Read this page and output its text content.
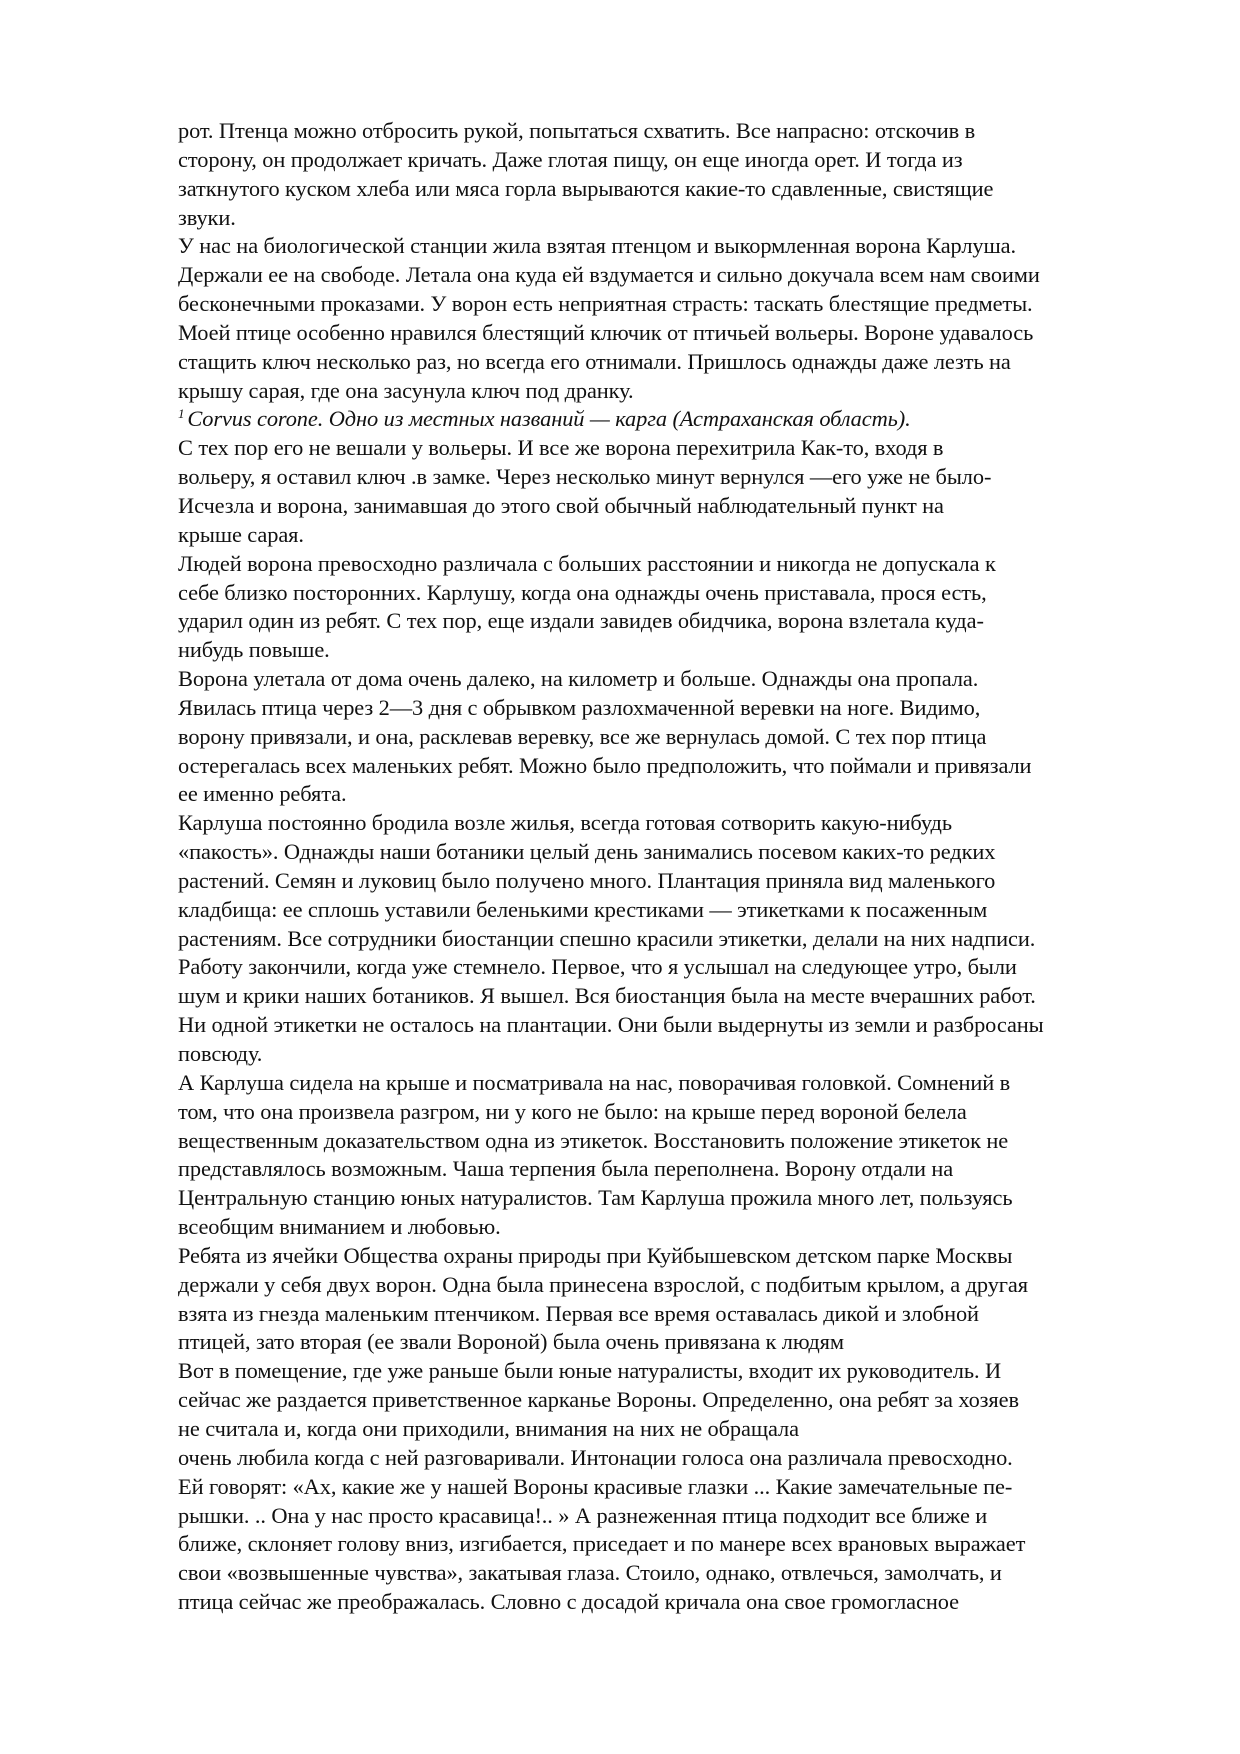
рот. Птенца можно отбросить рукой, попытаться схватить. Все напрасно: отскочив в
сторону, он продолжает кричать. Даже глотая пищу, он еще иногда орет. И тогда из
заткнутого куском хлеба или мяса горла вырываются какие-то сдавленные, свистящие
звуки.
У нас на биологической станции жила взятая птенцом и выкормленная ворона Карлуша.
Держали ее на свободе. Летала она куда ей вздумается и сильно докучала всем нам своими
бесконечными проказами. У ворон есть неприятная страсть: таскать блестящие предметы.
Моей птице особенно нравился блестящий ключик от птичьей вольеры. Вороне удавалось
стащить ключ несколько раз, но всегда его отнимали. Пришлось однажды даже лезть на
крышу сарая, где она засунула ключ под дранку.
$^1$ Corvus corone. Одно из местных названий — карга (Астраханская область).
С тех пор его не вешали у вольеры. И все же ворона перехитрила Как-то, входя в
вольеру, я оставил ключ .в замке. Через несколько минут вернулся —его уже не было-
Исчезла и ворона, занимавшая до этого свой обычный наблюдательный пункт на
крыше сарая.
Людей ворона превосходно различала с больших расстоянии и никогда не допускала к
себе близко посторонних. Карлушу, когда она однажды очень приставала, прося есть,
ударил один из ребят. С тех пор, еще издали завидев обидчика, ворона взлетала куда-
нибудь повыше.
Ворона улетала от дома очень далеко, на километр и больше. Однажды она пропала.
Явилась птица через 2—3 дня с обрывком разлохмаченной веревки на ноге. Видимо,
ворону привязали, и она, расклевав веревку, все же вернулась домой. С тех пор птица
остерегалась всех маленьких ребят. Можно было предположить, что поймали и привязали
ее именно ребята.
Карлуша постоянно бродила возле жилья, всегда готовая сотворить какую-нибудь
«пакость». Однажды наши ботаники целый день занимались посевом каких-то редких
растений. Семян и луковиц было получено много. Плантация приняла вид маленького
кладбища: ее сплошь уставили беленькими крестиками — этикетками к посаженным
растениям. Все сотрудники биостанции спешно красили этикетки, делали на них надписи.
Работу закончили, когда уже стемнело. Первое, что я услышал на следующее утро, были
шум и крики наших ботаников. Я вышел. Вся биостанция была на месте вчерашних работ.
Ни одной этикетки не осталось на плантации. Они были выдернуты из земли и разбросаны
повсюду.
А Карлуша сидела на крыше и посматривала на нас, поворачивая головкой. Сомнений в
том, что она произвела разгром, ни у кого не было: на крыше перед вороной белела
вещественным доказательством одна из этикеток. Восстановить положение этикеток не
представлялось возможным. Чаша терпения была переполнена. Ворону отдали на
Центральную станцию юных натуралистов. Там Карлуша прожила много лет, пользуясь
всеобщим вниманием и любовью.
Ребята из ячейки Общества охраны природы при Куйбышевском детском парке Москвы
держали у себя двух ворон. Одна была принесена взрослой, с подбитым крылом, а другая
взята из гнезда маленьким птенчиком. Первая все время оставалась дикой и злобной
птицей, зато вторая (ее звали Вороной) была очень привязана к людям
Вот в помещение, где уже раньше были юные натуралисты, входит их руководитель. И
сейчас же раздается приветственное карканье Вороны. Определенно, она ребят за хозяев
не считала и, когда они приходили, внимания на них не обращала
очень любила когда с ней разговаривали. Интонации голоса она различала превосходно.
Ей говорят: «Ах, какие же у нашей Вороны красивые глазки ... Какие замечательные пе-
рышки. .. Она у нас просто красавица!.. » А разнеженная птица подходит все ближе и
ближе, склоняет голову вниз, изгибается, приседает и по манере всех врановых выражает
свои «возвышенные чувства», закатывая глаза. Стоило, однако, отвлечься, замолчать, и
птица сейчас же преображалась. Словно с досадой кричала она свое громогласное
